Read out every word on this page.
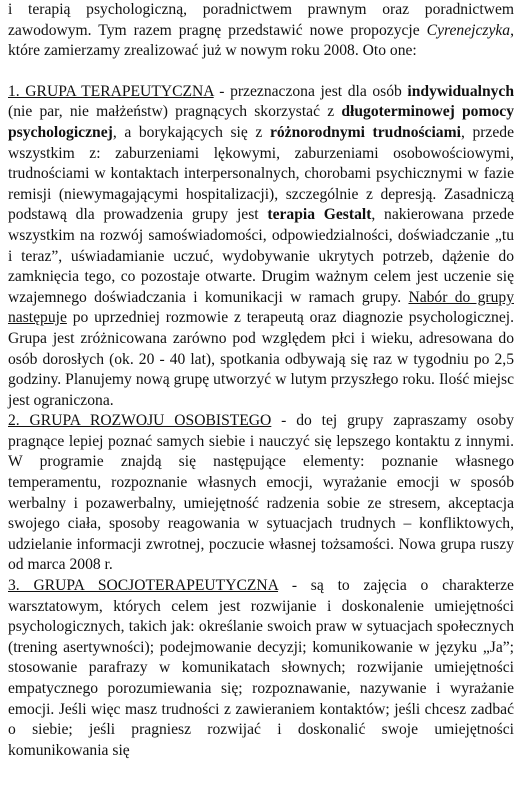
i terapią psychologiczną, poradnictwem prawnym oraz poradnictwem zawodowym. Tym razem pragnę przedstawić nowe propozycje Cyrenejczyka, które zamierzamy zrealizować już w nowym roku 2008. Oto one:

1. GRUPA TERAPEUTYCZNA - przeznaczona jest dla osób indywidualnych (nie par, nie małżeństw) pragnących skorzystać z długoterminowej pomocy psychologicznej, a borykających się z różnorodnymi trudnościami, przede wszystkim z: zaburzeniami lękowymi, zaburzeniami osobowościowymi, trudnościami w kontaktach interpersonalnych, chorobami psychicznymi w fazie remisji (niewymagającymi hospitalizacji), szczególnie z depresją. Zasadniczą podstawą dla prowadzenia grupy jest terapia Gestalt, nakierowana przede wszystkim na rozwój samoświadomości, odpowiedzialności, doświadczanie „tu i teraz”, uświadamianie uczuć, wydobywanie ukrytych potrzeb, dążenie do zamknięcia tego, co pozostaje otwarte. Drugim ważnym celem jest uczenie się wzajemnego doświadczania i komunikacji w ramach grupy. Nabór do grupy następuje po uprzedniej rozmowie z terapeutą oraz diagnozie psychologicznej. Grupa jest zróżnicowana zarówno pod względem płci i wieku, adresowana do osób dorosłych (ok. 20 - 40 lat), spotkania odbywają się raz w tygodniu po 2,5 godziny. Planujemy nową grupę utworzyć w lutym przyszłego roku. Ilość miejsc jest ograniczona.

2. GRUPA ROZWOJU OSOBISTEGO - do tej grupy zapraszamy osoby pragnące lepiej poznać samych siebie i nauczyć się lepszego kontaktu z innymi. W programie znajdą się następujące elementy: poznanie własnego temperamentu, rozpoznanie własnych emocji, wyrażanie emocji w sposób werbalny i pozawerbalny, umiejętność radzenia sobie ze stresem, akceptacja swojego ciała, sposoby reagowania w sytuacjach trudnych – konfliktowych, udzielanie informacji zwrotnej, poczucie własnej tożsamości. Nowa grupa ruszy od marca 2008 r.

3. GRUPA SOCJOTERAPEUTYCZNA - są to zajęcia o charakterze warsztatowym, których celem jest rozwijanie i doskonalenie umiejętności psychologicznych, takich jak: określanie swoich praw w sytuacjach społecznych (trening asertywności); podejmowanie decyzji; komunikowanie w języku „Ja”; stosowanie parafrazy w komunikatach słownych; rozwijanie umiejętności empatycznego porozumiewania się; rozpoznawanie, nazywanie i wyrażanie emocji. Jeśli więc masz trudności z zawieraniem kontaktów; jeśli chcesz zadbać o siebie; jeśli pragniesz rozwijać i doskonalić swoje umiejętności komunikowania się
